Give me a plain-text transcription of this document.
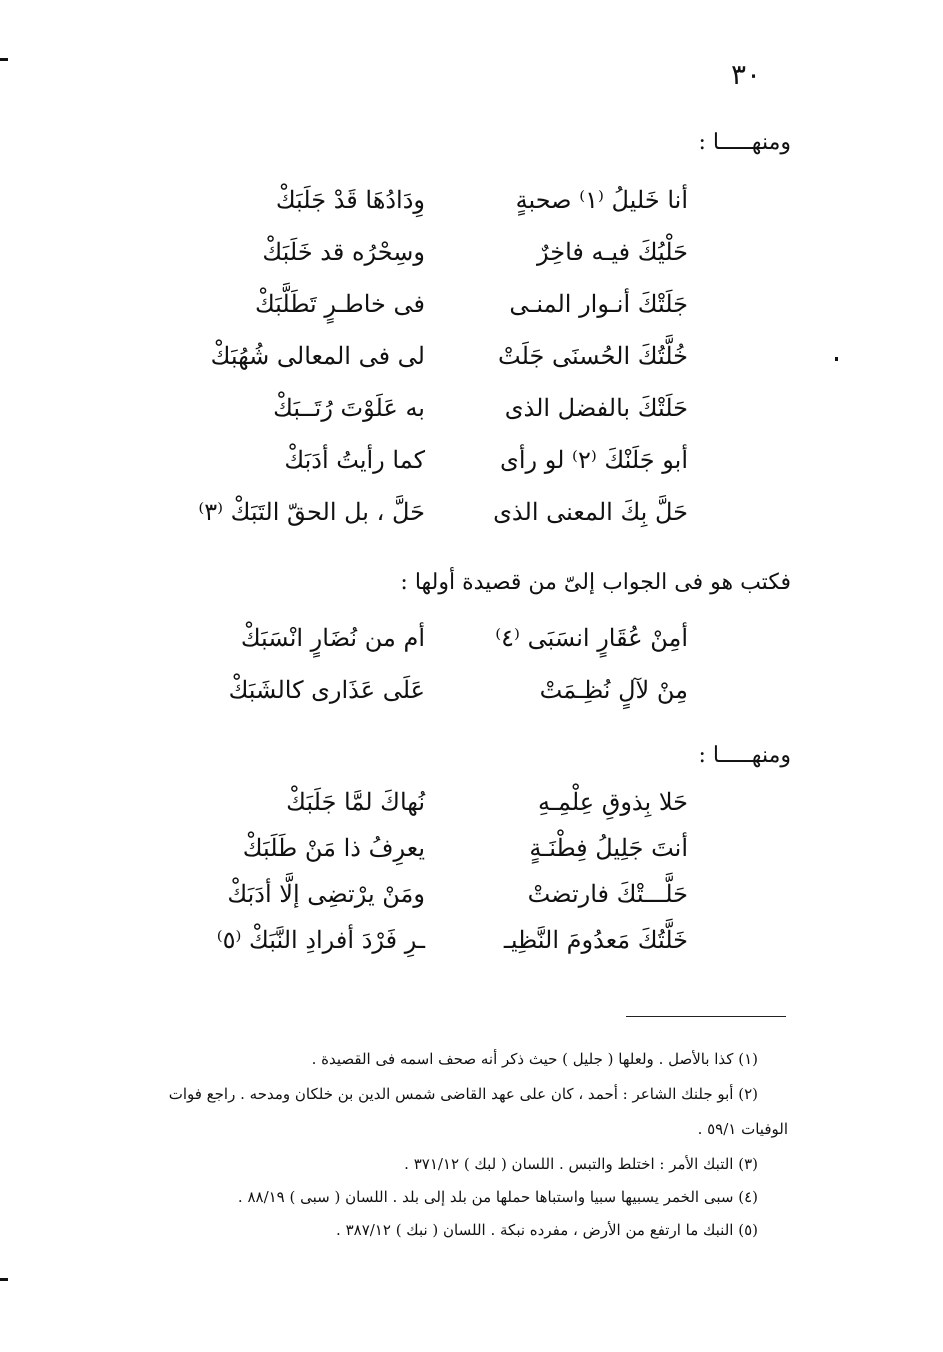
٣٠
ومنهـــــا :
أنا خَليلُ ⁽١⁾ صحبةٍ
وِدَادُهَا قَدْ جَلَبَكْ
حَلْيُكَ فيـه فاخِرٌ
وسِحْرُه قد خَلَبَكْ
جَلَتْكَ أنـوار المنـى
فى خاطـرٍ تَطَلَّبَكْ
خُلَّتُكَ الحُسنَى جَلَتْ
لى فى المعالى شُهُبَكْ
حَلَتْكَ بالفضل الذى
به عَلَوْتَ رُتَــبَكْ
أبو جَلَنْكَ ⁽٢⁾ لو رأى
كما رأيتُ أدَبَكْ
حَلَّ بِكَ المعنى الذى
حَلَّ ، بل الحقّ التَبَكْ ⁽٣⁾
فكتب هو فى الجواب إلىّ من قصيدة أولها :
أمِنْ عُقَارٍ انسَبَى ⁽٤⁾
أم من نُضَارٍ انْسَبَكْ
مِنْ لآلٍ نُظِـمَتْ
عَلَى عَذَارى كالشَبَكْ
ومنهـــــا :
حَلا بِذوقِ عِلْمِـهِ
نُهاكَ لمَّا جَلَبَكْ
أنتَ جَلِيلُ فِطْنَـةٍ
يعرِفُ ذا مَنْ طَلَبَكْ
حَلَّـــتْكَ فارتضتْ
ومَنْ يرْتضِى إلَّا أدَبَكْ
خَلَّتُكَ مَعدُومَ النَّظِيـ
ـرِ فَرْدَ أفرادِ النَّبَكْ ⁽٥⁾
(١) كذا بالأصل . ولعلها ( جليل ) حيث ذكر أنه صحف اسمه فى القصيدة .
(٢) أبو جلنك الشاعر : أحمد ، كان على عهد القاضى شمس الدين بن خلكان ومدحه . راجع فوات
الوفيات ٥٩/١ .
(٣) التبك الأمر : اختلط والتبس . اللسان ( لبك ) ٣٧١/١٢ .
(٤) سبى الخمر يسبيها سبيا واستباها حملها من بلد إلى بلد . اللسان ( سبى ) ٨٨/١٩ .
(٥) النبك ما ارتفع من الأرض ، مفرده نبكة . اللسان ( نبك ) ٣٨٧/١٢ .
